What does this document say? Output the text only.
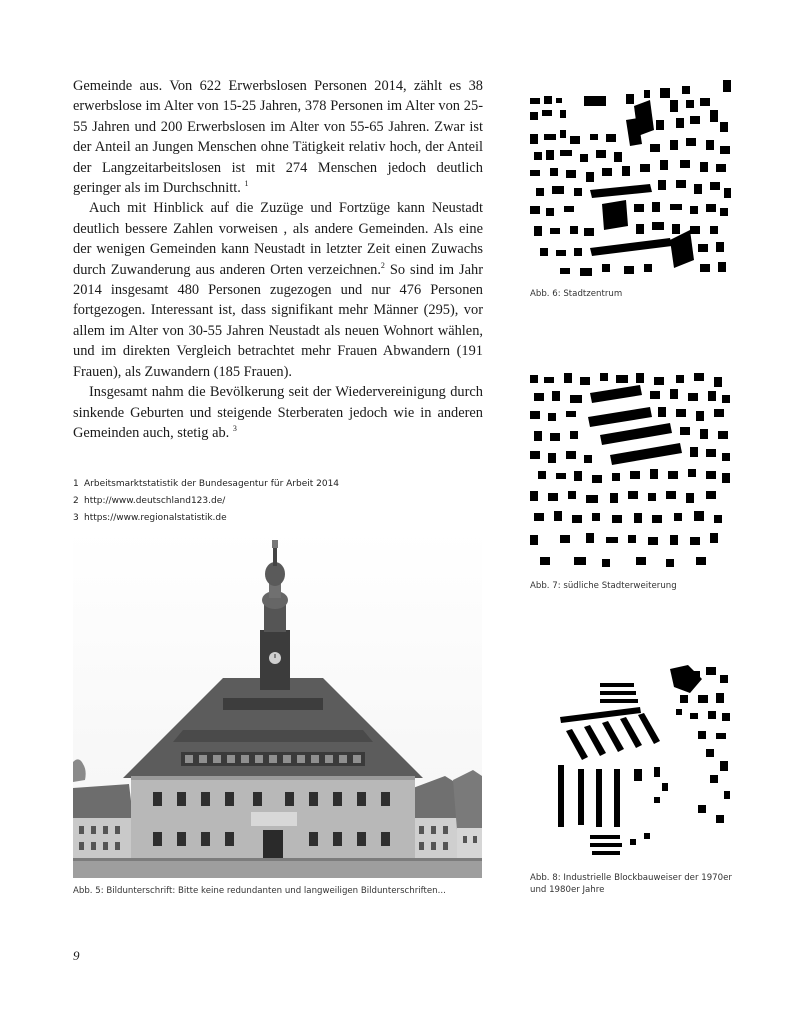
Gemeinde aus. Von 622 Erwerbslosen Personen 2014, zählt es 38 erwerbslose im Alter von 15-25 Jahren, 378 Personen im Alter von 25-55 Jahren und 200 Erwerbslosen im Alter von 55-65 Jahren. Zwar ist der Anteil an Jungen Menschen ohne Tätigkeit relativ hoch, der Anteil der Langzeitarbeitslosen ist mit 274 Menschen jedoch deutlich geringer als im Durchschnitt. $^1$

Auch mit Hinblick auf die Zuzüge und Fortzüge kann Neustadt deutlich bessere Zahlen vorweisen , als andere Gemeinden. Als eine der wenigen Gemeinden kann Neustadt in letzter Zeit einen Zuwachs durch Zuwanderung aus anderen Orten verzeichnen.$^2$ So sind im Jahr 2014 insgesamt 480 Personen zugezogen und nur 476 Personen fortgezogen. Interessant ist, dass signifikant mehr Männer (295), vor allem im Alter von 30-55 Jahren Neustadt als neuen Wohnort wählen, und im direkten Vergleich betrachtet mehr Frauen Abwandern (191 Frauen), als Zuwandern (185 Frauen).

Insgesamt nahm die Bevölkerung seit der Wiedervereinigung durch sinkende Geburten und steigende Sterberaten jedoch wie in anderen Gemeinden auch, stetig ab. $^3$

1 Arbeitsmarktstatistik der Bundesagentur für Arbeit 2014
2 http://www.deutschland123.de/
3 https://www.regionalstatistik.de
Abb. 5: Bildunterschrift: Bitte keine redundanten und langweiligen Bildunterschriften...
Abb. 6: Stadtzentrum
Abb. 7: südliche Stadterweiterung
Abb. 8: Industrielle Blockbauweiser der 1970er und 1980er Jahre
9
